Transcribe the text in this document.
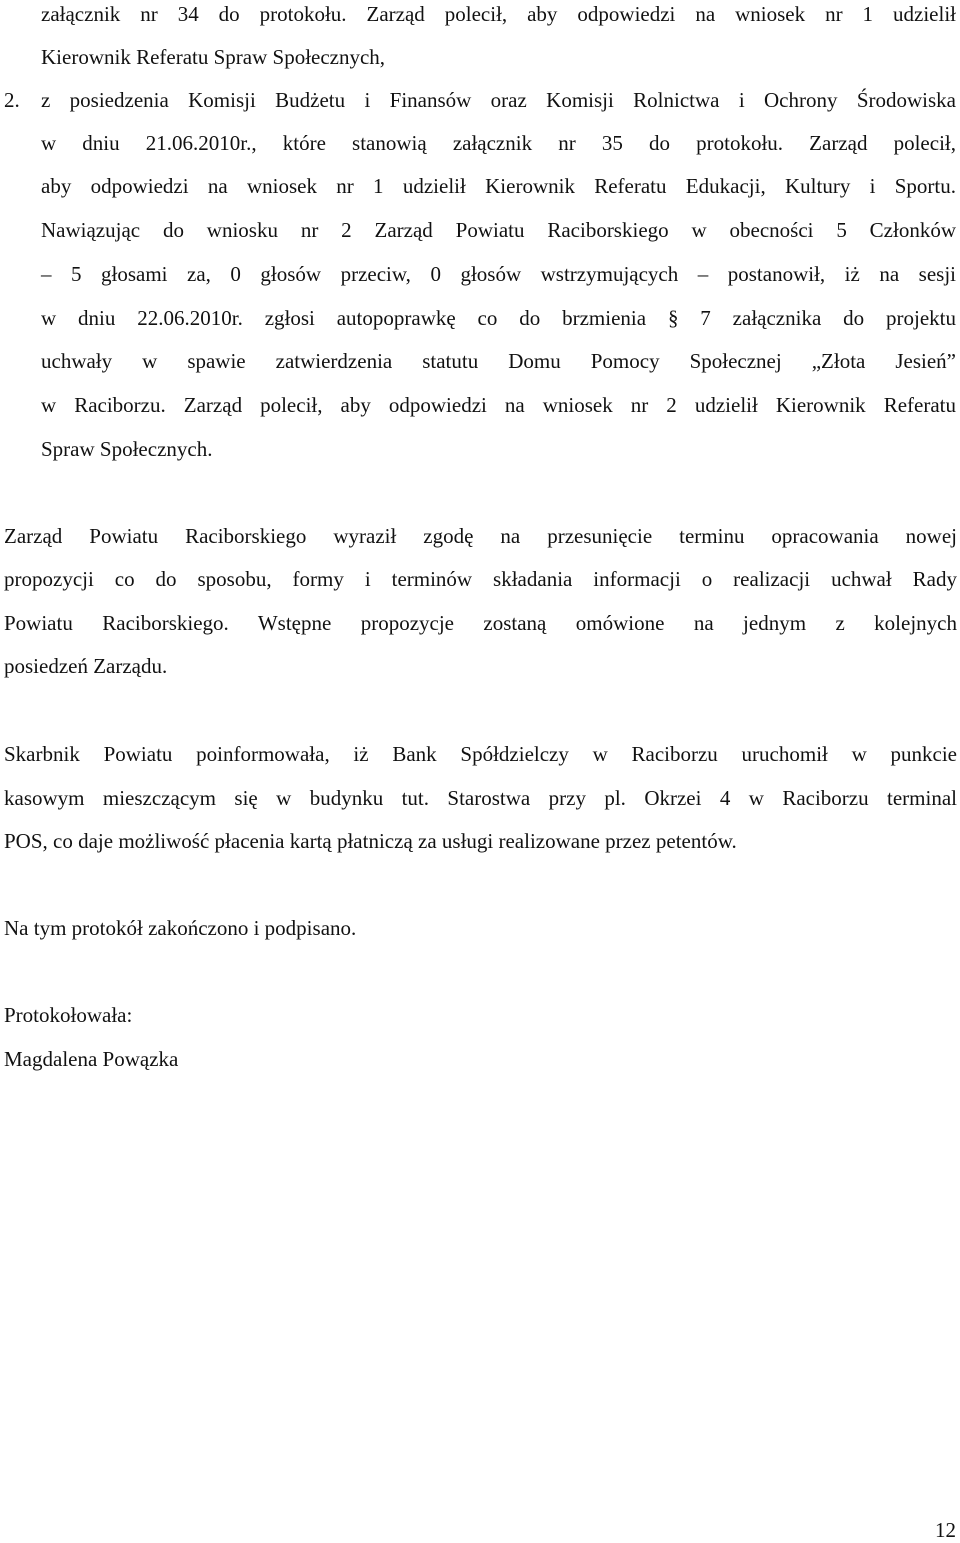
załącznik nr 34 do protokołu. Zarząd polecił, aby odpowiedzi na wniosek nr 1 udzielił
Kierownik Referatu Spraw Społecznych,
2. z posiedzenia Komisji Budżetu i Finansów oraz Komisji Rolnictwa i Ochrony Środowiska
w dniu 21.06.2010r., które stanowią załącznik nr 35 do protokołu. Zarząd polecił,
aby odpowiedzi na wniosek nr 1 udzielił Kierownik Referatu Edukacji, Kultury i Sportu.
Nawiązując do wniosku nr 2 Zarząd Powiatu Raciborskiego w obecności 5 Członków
– 5 głosami za, 0 głosów przeciw, 0 głosów wstrzymujących – postanowił, iż na sesji
w dniu 22.06.2010r. zgłosi autopoprawkę co do brzmienia § 7 załącznika do projektu
uchwały w spawie zatwierdzenia statutu Domu Pomocy Społecznej „Złota Jesień”
w Raciborzu. Zarząd polecił, aby odpowiedzi na wniosek nr 2 udzielił Kierownik Referatu
Spraw Społecznych.
Zarząd Powiatu Raciborskiego wyraził zgodę na przesunięcie terminu opracowania nowej
propozycji co do sposobu, formy i terminów składania informacji o realizacji uchwał Rady
Powiatu Raciborskiego. Wstępne propozycje zostaną omówione na jednym z kolejnych
posiedzeń Zarządu.
Skarbnik Powiatu poinformowała, iż Bank Spółdzielczy w Raciborzu uruchomił w punkcie
kasowym mieszczącym się w budynku tut. Starostwa przy pl. Okrzei 4 w Raciborzu terminal
POS, co daje możliwość płacenia kartą płatniczą za usługi realizowane przez petentów.
Na tym protokół zakończono i podpisano.
Protokołowała:
Magdalena Powązka
12
